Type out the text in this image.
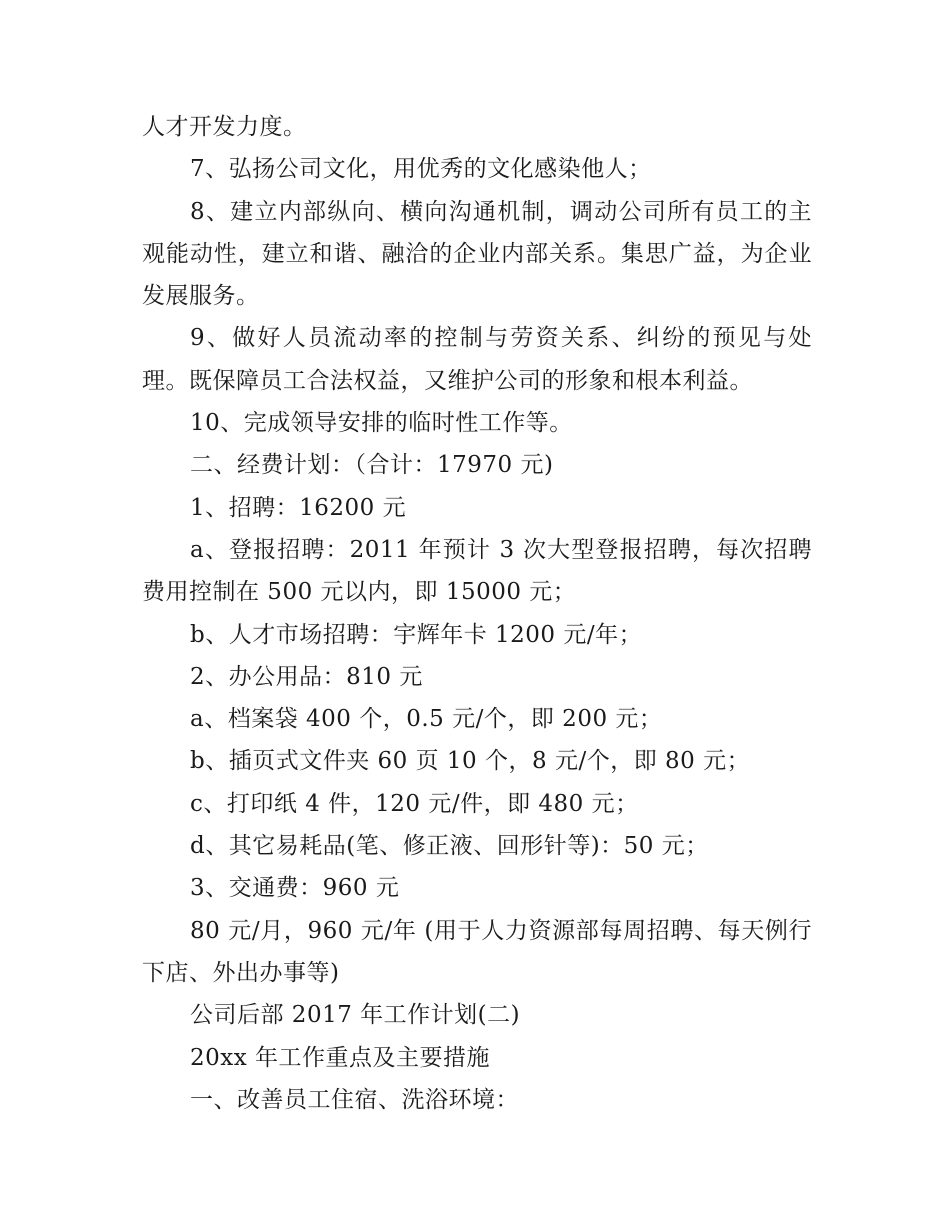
人才开发力度。

7、弘扬公司文化，用优秀的文化感染他人；

8、建立内部纵向、横向沟通机制，调动公司所有员工的主观能动性，建立和谐、融洽的企业内部关系。集思广益，为企业发展服务。

9、做好人员流动率的控制与劳资关系、纠纷的预见与处理。既保障员工合法权益，又维护公司的形象和根本利益。

10、完成领导安排的临时性工作等。

二、经费计划：（合计：17970 元)

1、招聘：16200 元

a、登报招聘：2011 年预计 3 次大型登报招聘，每次招聘费用控制在 500 元以内，即 15000 元；

b、人才市场招聘：宇辉年卡 1200 元/年；

2、办公用品：810 元

a、档案袋 400 个，0.5 元/个，即 200 元；

b、插页式文件夹 60 页 10 个，8 元/个，即 80 元；

c、打印纸 4 件，120 元/件，即 480 元；

d、其它易耗品(笔、修正液、回形针等)：50 元；

3、交通费：960 元

80 元/月，960 元/年 (用于人力资源部每周招聘、每天例行下店、外出办事等)

公司后部 2017 年工作计划(二)

20xx 年工作重点及主要措施

一、改善员工住宿、洗浴环境：
